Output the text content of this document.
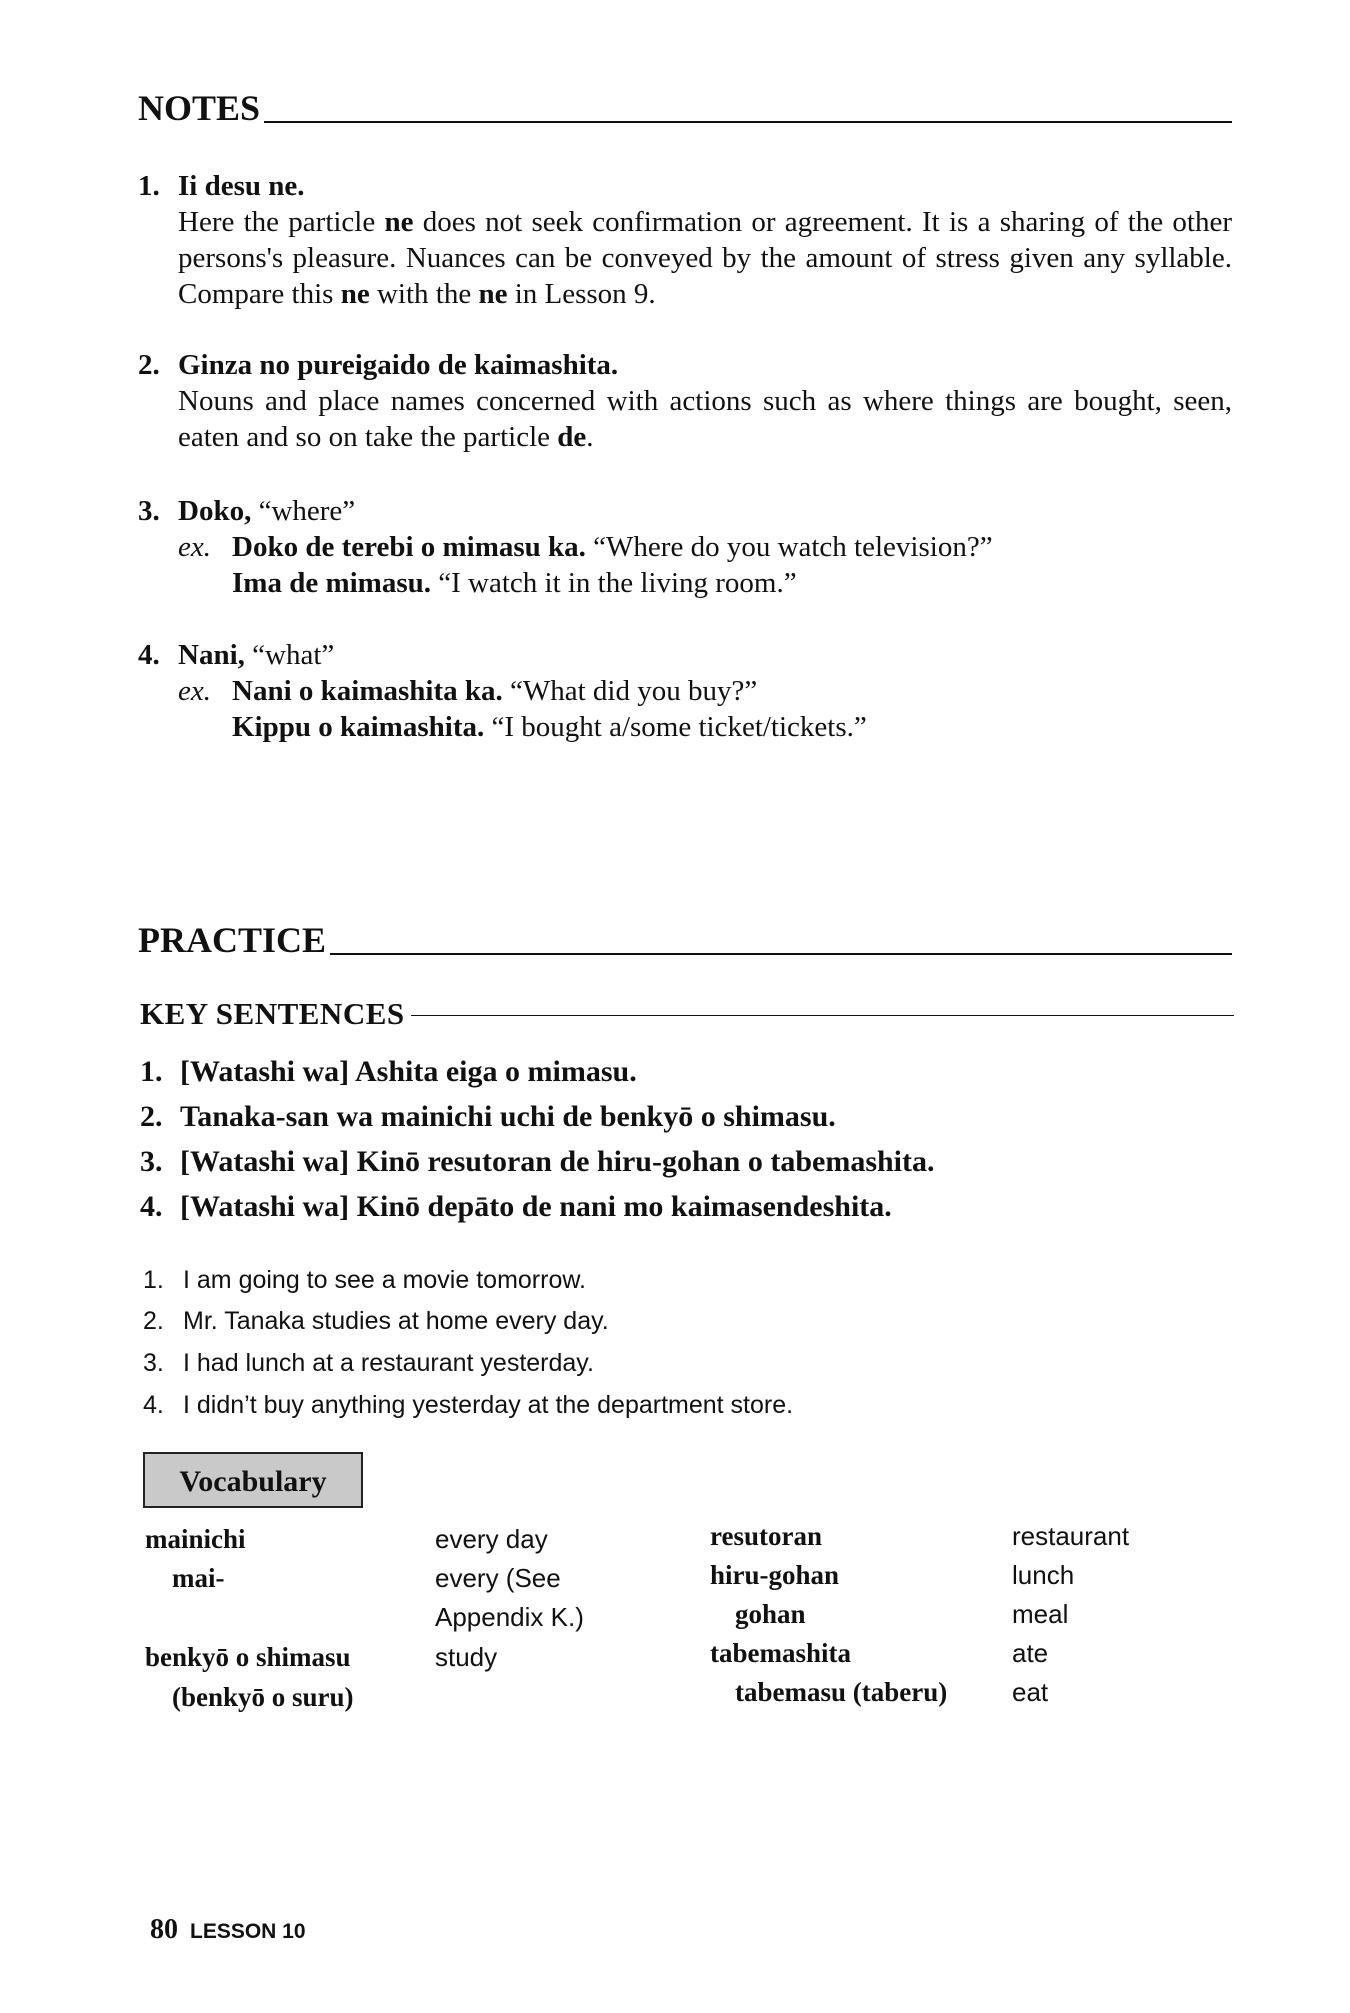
NOTES
1. Ii desu ne.
Here the particle ne does not seek confirmation or agreement. It is a sharing of the other persons's pleasure. Nuances can be conveyed by the amount of stress given any syllable. Compare this ne with the ne in Lesson 9.
2. Ginza no pureigaido de kaimashita.
Nouns and place names concerned with actions such as where things are bought, seen, eaten and so on take the particle de.
3. Doko, “where”
ex. Doko de terebi o mimasu ka. “Where do you watch television?”
Ima de mimasu. “I watch it in the living room.”
4. Nani, “what”
ex. Nani o kaimashita ka. “What did you buy?”
Kippu o kaimashita. “I bought a/some ticket/tickets.”
PRACTICE
KEY SENTENCES
1. [Watashi wa] Ashita eiga o mimasu.
2. Tanaka-san wa mainichi uchi de benkyō o shimasu.
3. [Watashi wa] Kinō resutoran de hiru-gohan o tabemashita.
4. [Watashi wa] Kinō depāto de nani mo kaimasendeshita.
1. I am going to see a movie tomorrow.
2. Mr. Tanaka studies at home every day.
3. I had lunch at a restaurant yesterday.
4. I didn’t buy anything yesterday at the department store.
Vocabulary
mainichi	every day
mai-	every (See
Appendix K.)
benkyō o shimasu	study
(benkyō o suru)
resutoran	restaurant
hiru-gohan	lunch
gohan	meal
tabemashita	ate
tabemasu (taberu) eat
80 LESSON 10
